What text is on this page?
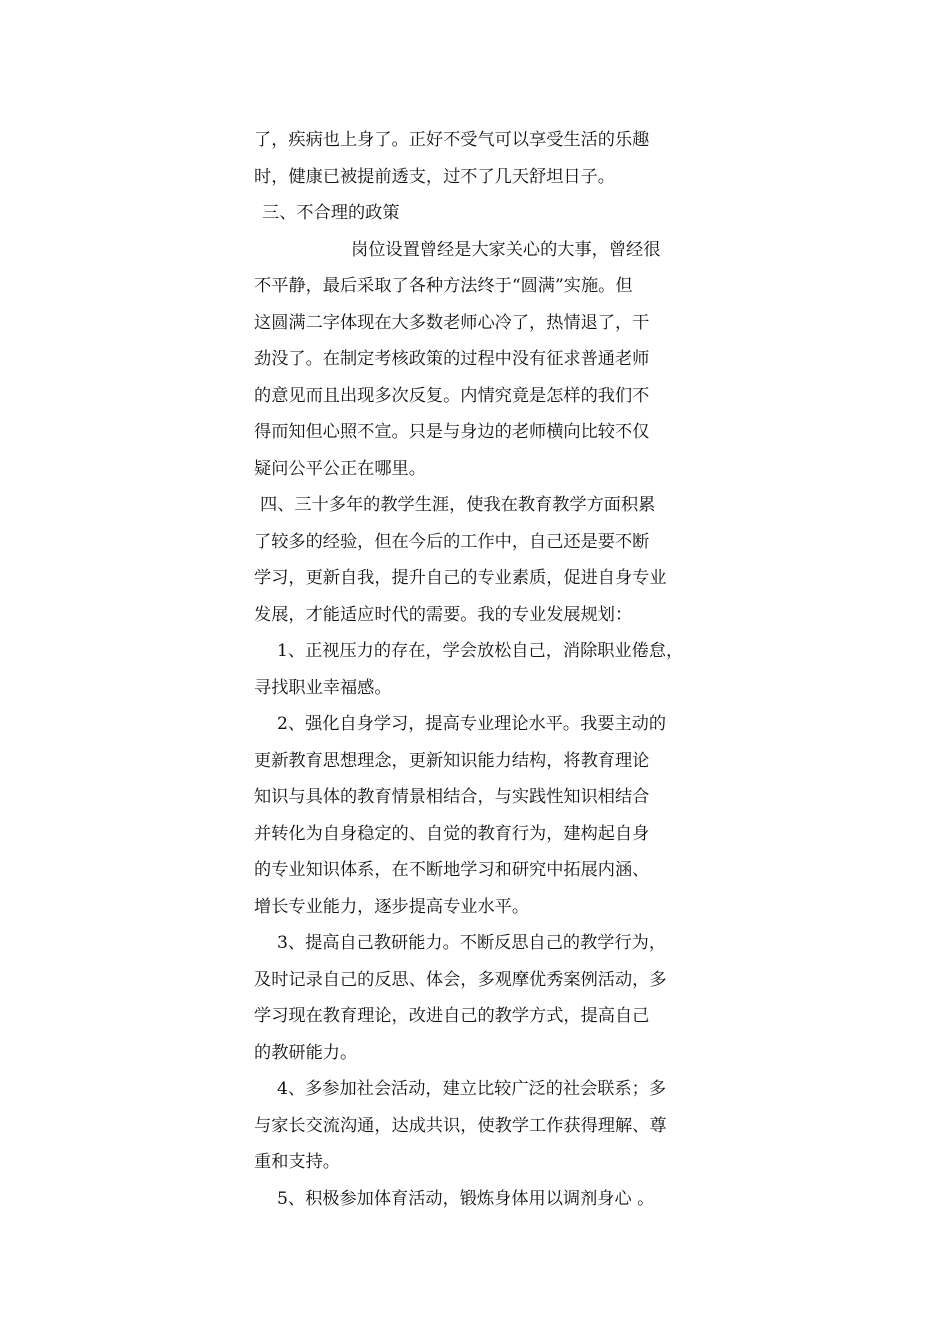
了，疾病也上身了。正好不受气可以享受生活的乐趣
时，健康已被提前透支，过不了几天舒坦日子。
三、不合理的政策
岗位设置曾经是大家关心的大事，曾经很
不平静，最后采取了各种方法终于“圆满”实施。但
这圆满二字体现在大多数老师心冷了，热情退了，干
劲没了。在制定考核政策的过程中没有征求普通老师
的意见而且出现多次反复。内情究竟是怎样的我们不
得而知但心照不宣。只是与身边的老师横向比较不仅
疑问公平公正在哪里。
四、三十多年的教学生涯，使我在教育教学方面积累
了较多的经验，但在今后的工作中，自己还是要不断
学习，更新自我，提升自己的专业素质，促进自身专业
发展，才能适应时代的需要。我的专业发展规划：
1、正视压力的存在，学会放松自己，消除职业倦怠，
寻找职业幸福感。
2、强化自身学习，提高专业理论水平。我要主动的
更新教育思想理念，更新知识能力结构，将教育理论
知识与具体的教育情景相结合，与实践性知识相结合
并转化为自身稳定的、自觉的教育行为，建构起自身
的专业知识体系，在不断地学习和研究中拓展内涵、
增长专业能力，逐步提高专业水平。
3、提高自己教研能力。不断反思自己的教学行为，
及时记录自己的反思、体会，多观摩优秀案例活动，多
学习现在教育理论，改进自己的教学方式，提高自己
的教研能力。
4、多参加社会活动，建立比较广泛的社会联系；多
与家长交流沟通，达成共识，使教学工作获得理解、尊
重和支持。
5、积极参加体育活动，锻炼身体用以调剂身心 。
